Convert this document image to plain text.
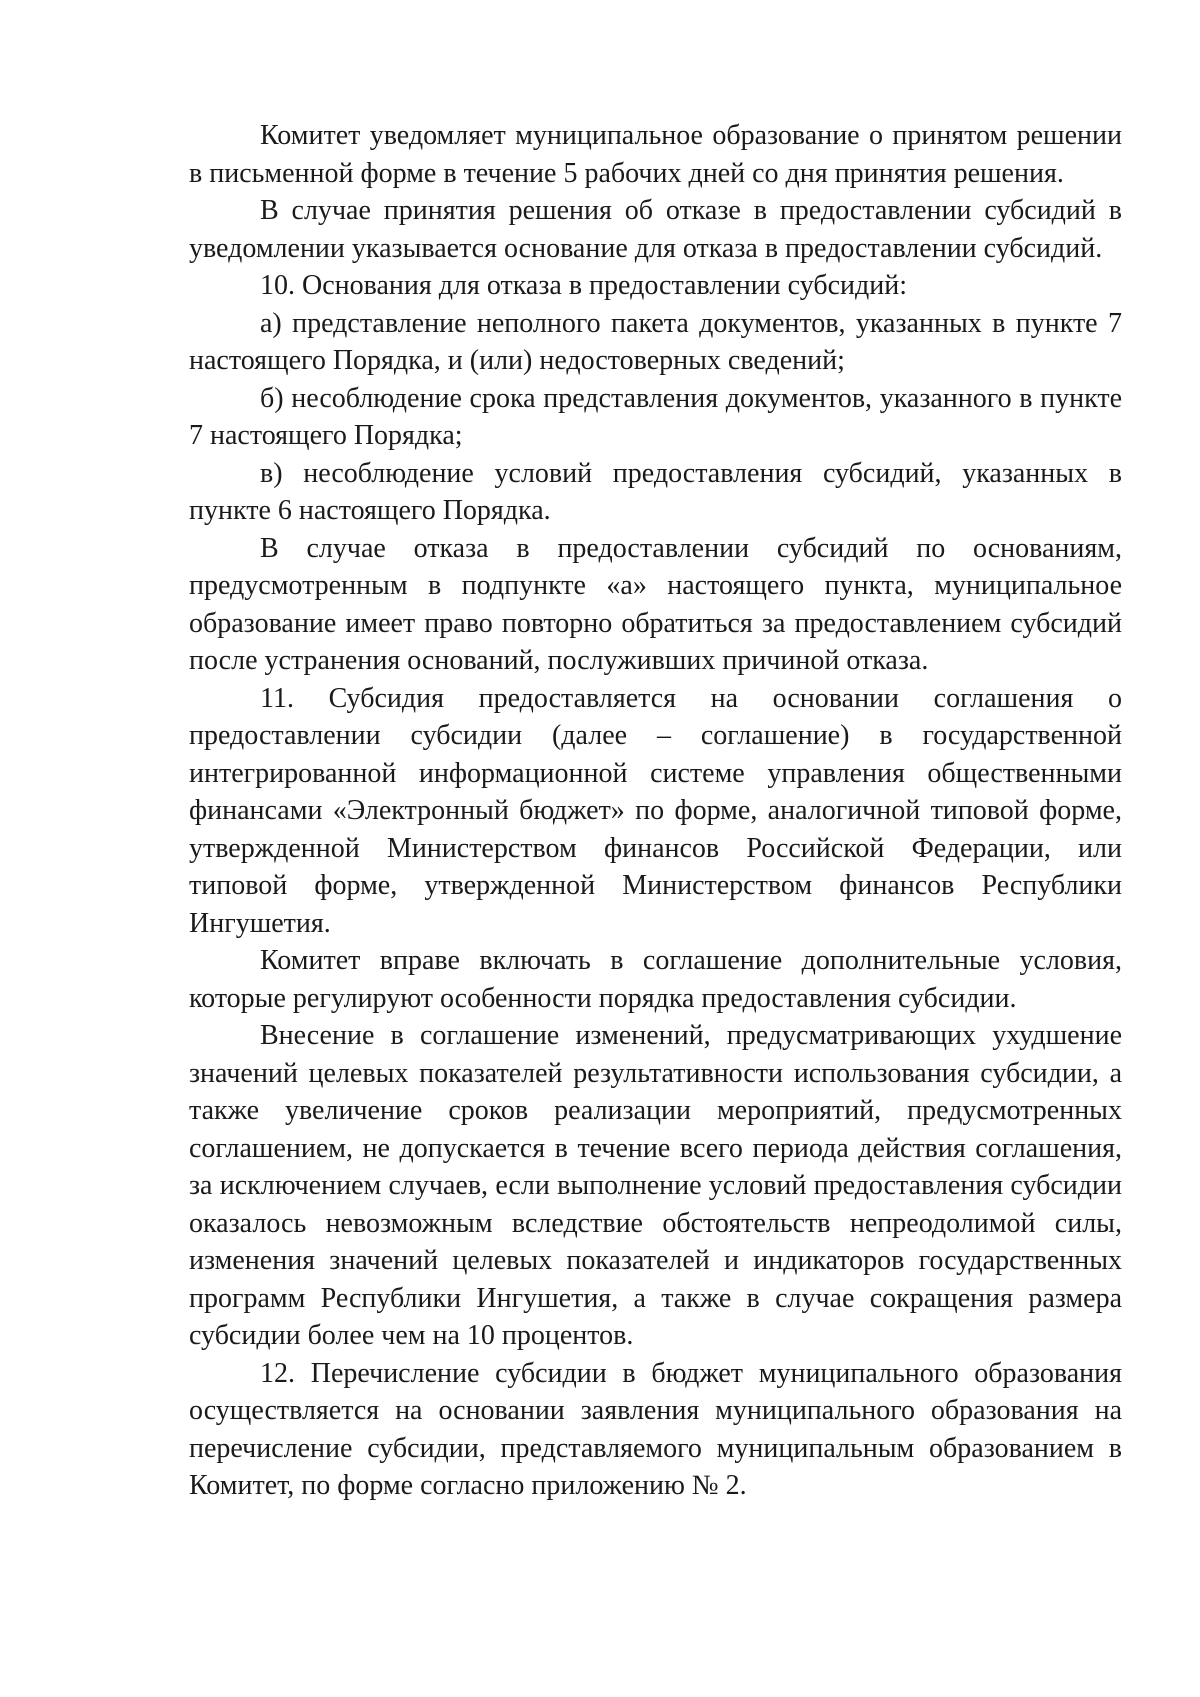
Комитет уведомляет муниципальное образование о принятом решении в письменной форме в течение 5 рабочих дней со дня принятия решения.

В случае принятия решения об отказе в предоставлении субсидий в уведомлении указывается основание для отказа в предоставлении субсидий.

10. Основания для отказа в предоставлении субсидий:

а) представление неполного пакета документов, указанных в пункте 7 настоящего Порядка, и (или) недостоверных сведений;

б) несоблюдение срока представления документов, указанного в пункте 7 настоящего Порядка;

в) несоблюдение условий предоставления субсидий, указанных в пункте 6 настоящего Порядка.

В случае отказа в предоставлении субсидий по основаниям, предусмотренным в подпункте «а» настоящего пункта, муниципальное образование имеет право повторно обратиться за предоставлением субсидий после устранения оснований, послуживших причиной отказа.

11. Субсидия предоставляется на основании соглашения о предоставлении субсидии (далее – соглашение) в государственной интегрированной информационной системе управления общественными финансами «Электронный бюджет» по форме, аналогичной типовой форме, утвержденной Министерством финансов Российской Федерации, или типовой форме, утвержденной Министерством финансов Республики Ингушетия.

Комитет вправе включать в соглашение дополнительные условия, которые регулируют особенности порядка предоставления субсидии.

Внесение в соглашение изменений, предусматривающих ухудшение значений целевых показателей результативности использования субсидии, а также увеличение сроков реализации мероприятий, предусмотренных соглашением, не допускается в течение всего периода действия соглашения, за исключением случаев, если выполнение условий предоставления субсидии оказалось невозможным вследствие обстоятельств непреодолимой силы, изменения значений целевых показателей и индикаторов государственных программ Республики Ингушетия, а также в случае сокращения размера субсидии более чем на 10 процентов.

12. Перечисление субсидии в бюджет муниципального образования осуществляется на основании заявления муниципального образования на перечисление субсидии, представляемого муниципальным образованием в Комитет, по форме согласно приложению № 2.
